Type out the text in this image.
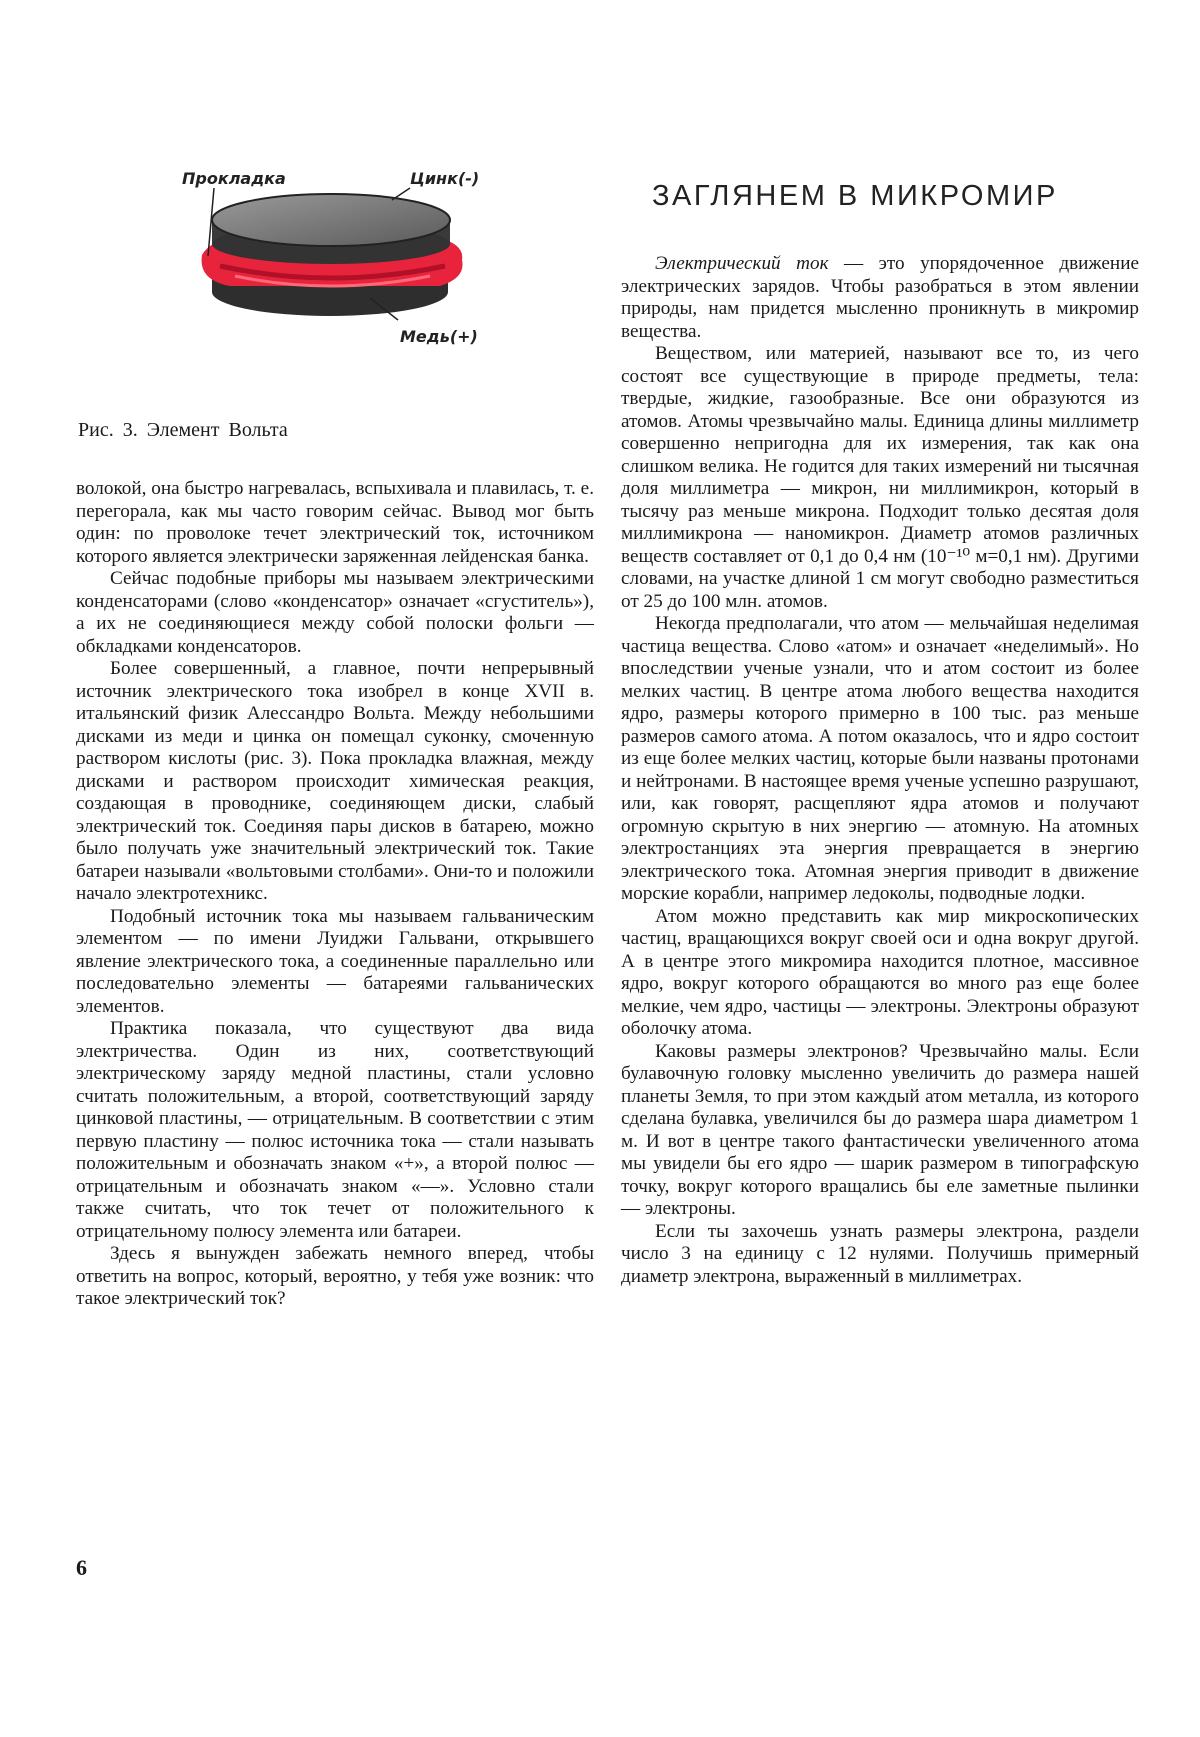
Прокладка	Цинк(-)
Медь(+)
Рис. 3. Элемент Вольта
ЗАГЛЯНЕМ В МИКРОМИР

волокой, она быстро нагревалась, вспыхивала и плавилась, т. е. перегорала, как мы часто говорим сейчас. Вывод мог быть один: по проволоке течет электрический ток, источником которого является электрически заряженная лейденская банка.

Сейчас подобные приборы мы называем электрическими конденсаторами (слово «конденсатор» означает «сгуститель»), а их не соединяющиеся между собой полоски фольги — обкладками конденсаторов.

Более совершенный, а главное, почти непрерывный источник электрического тока изобрел в конце XVII в. итальянский физик Алессандро Вольта. Между небольшими дисками из меди и цинка он помещал суконку, смоченную раствором кислоты (рис. 3). Пока прокладка влажная, между дисками и раствором происходит химическая реакция, создающая в проводнике, соединяющем диски, слабый электрический ток. Соединяя пары дисков в батарею, можно было получать уже значительный электрический ток. Такие батареи называли «вольтовыми столбами». Они-то и положили начало электротехникс.

Подобный источник тока мы называем гальваническим элементом — по имени Луиджи Гальвани, открывшего явление электрического тока, а соединенные параллельно или последовательно элементы — батареями гальванических элементов.

Практика показала, что существуют два вида электричества. Один из них, соответствующий электрическому заряду медной пластины, стали условно считать положительным, а второй, соответствующий заряду цинковой пластины, — отрицательным. В соответствии с этим первую пластину — полюс источника тока — стали называть положительным и обозначать знаком «+», а второй полюс — отрицательным и обозначать знаком «—». Условно стали также считать, что ток течет от положительного к отрицательному полюсу элемента или батареи.

Здесь я вынужден забежать немного вперед, чтобы ответить на вопрос, который, вероятно, у тебя уже возник: что такое электрический ток?

Электрический ток — это упорядоченное движение электрических зарядов. Чтобы разобраться в этом явлении природы, нам придется мысленно проникнуть в микромир вещества.

Веществом, или материей, называют все то, из чего состоят все существующие в природе предметы, тела: твердые, жидкие, газообразные. Все они образуются из атомов. Атомы чрезвычайно малы. Единица длины миллиметр совершенно непригодна для их измерения, так как она слишком велика. Не годится для таких измерений ни тысячная доля миллиметра — микрон, ни миллимикрон, который в тысячу раз меньше микрона. Подходит только десятая доля миллимикрона — наномикрон. Диаметр атомов различных веществ составляет от 0,1 до 0,4 нм (10⁻¹⁰ м=0,1 нм). Другими словами, на участке длиной 1 см могут свободно разместиться от 25 до 100 млн. атомов.

Некогда предполагали, что атом — мельчайшая неделимая частица вещества. Слово «атом» и означает «неделимый». Но впоследствии ученые узнали, что и атом состоит из более мелких частиц. В центре атома любого вещества находится ядро, размеры которого примерно в 100 тыс. раз меньше размеров самого атома. А потом оказалось, что и ядро состоит из еще более мелких частиц, которые были названы протонами и нейтронами. В настоящее время ученые успешно разрушают, или, как говорят, расщепляют ядра атомов и получают огромную скрытую в них энергию — атомную. На атомных электростанциях эта энергия превращается в энергию электрического тока. Атомная энергия приводит в движение морские корабли, например ледоколы, подводные лодки.

Атом можно представить как мир микроскопических частиц, вращающихся вокруг своей оси и одна вокруг другой. А в центре этого микромира находится плотное, массивное ядро, вокруг которого обращаются во много раз еще более мелкие, чем ядро, частицы — электроны. Электроны образуют оболочку атома.

Каковы размеры электронов? Чрезвычайно малы. Если булавочную головку мысленно увеличить до размера нашей планеты Земля, то при этом каждый атом металла, из которого сделана булавка, увеличился бы до размера шара диаметром 1 м. И вот в центре такого фантастически увеличенного атома мы увидели бы его ядро — шарик размером в типографскую точку, вокруг которого вращались бы еле заметные пылинки — электроны.

Если ты захочешь узнать размеры электрона, раздели число 3 на единицу с 12 нулями. Получишь примерный диаметр электрона, выраженный в миллиметрах.

6
